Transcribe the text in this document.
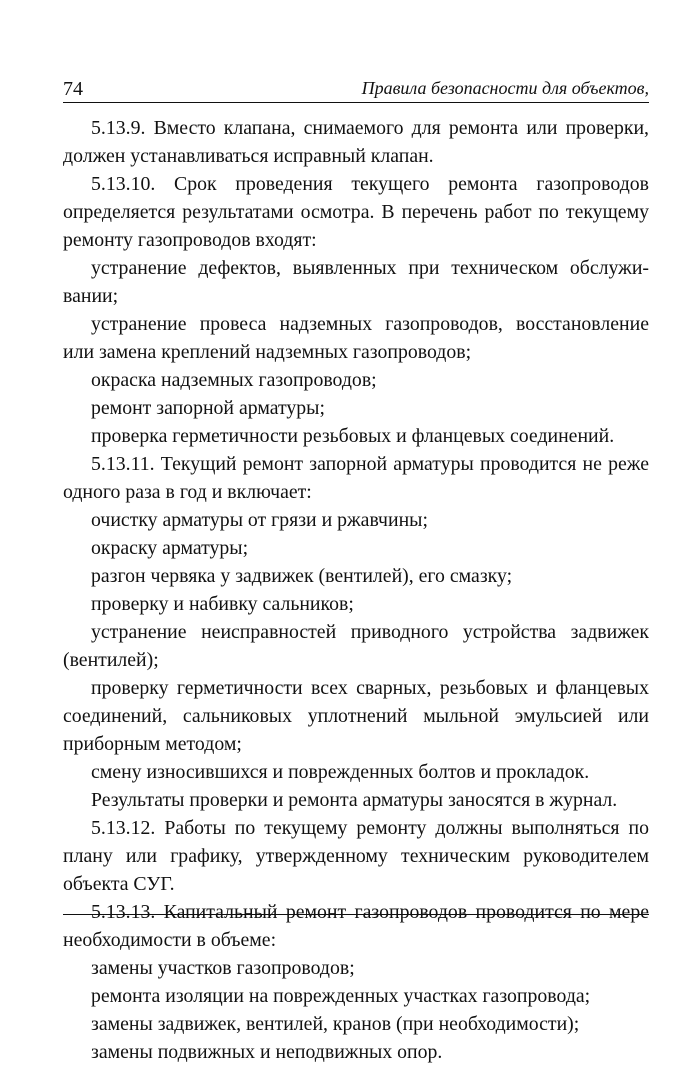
74	Правила безопасности для объектов,

5.13.9. Вместо клапана, снимаемого для ремонта или проверки, должен устанавливаться исправный клапан.

5.13.10. Срок проведения текущего ремонта газопроводов определяется результатами осмотра. В перечень работ по текущему ремонту газопроводов входят:

устранение дефектов, выявленных при техническом обслуживании;

устранение провеса надземных газопроводов, восстановление или замена креплений надземных газопроводов;

окраска надземных газопроводов;

ремонт запорной арматуры;

проверка герметичности резьбовых и фланцевых соединений.

5.13.11. Текущий ремонт запорной арматуры проводится не реже одного раза в год и включает:

очистку арматуры от грязи и ржавчины;

окраску арматуры;

разгон червяка у задвижек (вентилей), его смазку;

проверку и набивку сальников;

устранение неисправностей приводного устройства задвижек (вентилей);

проверку герметичности всех сварных, резьбовых и фланцевых соединений, сальниковых уплотнений мыльной эмульсией или приборным методом;

смену износившихся и поврежденных болтов и прокладок.

Результаты проверки и ремонта арматуры заносятся в журнал.

5.13.12. Работы по текущему ремонту должны выполняться по плану или графику, утвержденному техническим руководителем объекта СУГ.

5.13.13. Капитальный ремонт газопроводов проводится по мере необходимости в объеме:

замены участков газопроводов;

ремонта изоляции на поврежденных участках газопровода;

замены задвижек, вентилей, кранов (при необходимости);

замены подвижных и неподвижных опор.
